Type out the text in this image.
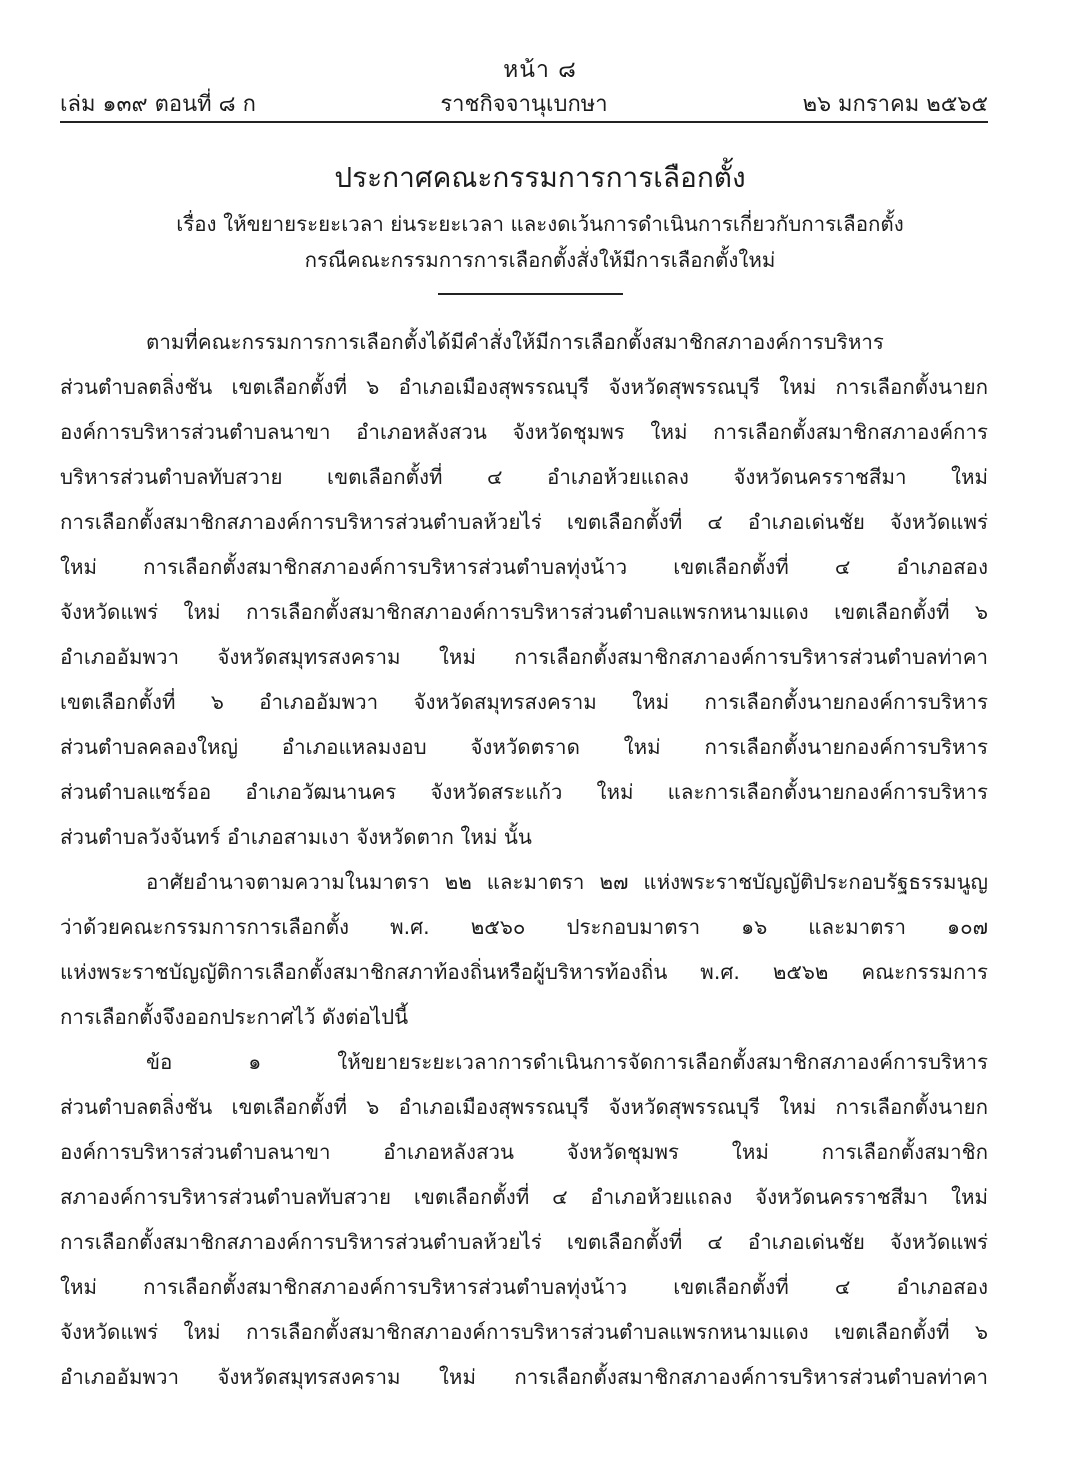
หน้า ๘
เล่ม ๑๓๙ ตอนที่ ๘ ก	ราชกิจจานุเบกษา	๒๖ มกราคม ๒๕๖๕
ประกาศคณะกรรมการการเลือกตั้ง
เรื่อง ให้ขยายระยะเวลา ย่นระยะเวลา และงดเว้นการดำเนินการเกี่ยวกับการเลือกตั้ง
กรณีคณะกรรมการการเลือกตั้งสั่งให้มีการเลือกตั้งใหม่
ตามที่คณะกรรมการการเลือกตั้งได้มีคำสั่งให้มีการเลือกตั้งสมาชิกสภาองค์การบริหาร
ส่วนตำบลตลิ่งชัน เขตเลือกตั้งที่ ๖ อำเภอเมืองสุพรรณบุรี จังหวัดสุพรรณบุรี ใหม่ การเลือกตั้งนายก
องค์การบริหารส่วนตำบลนาขา อำเภอหลังสวน จังหวัดชุมพร ใหม่ การเลือกตั้งสมาชิกสภาองค์การ
บริหารส่วนตำบลทับสวาย เขตเลือกตั้งที่ ๔ อำเภอห้วยแถลง จังหวัดนครราชสีมา ใหม่
การเลือกตั้งสมาชิกสภาองค์การบริหารส่วนตำบลห้วยไร่ เขตเลือกตั้งที่ ๔ อำเภอเด่นชัย จังหวัดแพร่
ใหม่ การเลือกตั้งสมาชิกสภาองค์การบริหารส่วนตำบลทุ่งน้าว เขตเลือกตั้งที่ ๔ อำเภอสอง
จังหวัดแพร่ ใหม่ การเลือกตั้งสมาชิกสภาองค์การบริหารส่วนตำบลแพรกหนามแดง เขตเลือกตั้งที่ ๖
อำเภออัมพวา จังหวัดสมุทรสงคราม ใหม่ การเลือกตั้งสมาชิกสภาองค์การบริหารส่วนตำบลท่าคา
เขตเลือกตั้งที่ ๖ อำเภออัมพวา จังหวัดสมุทรสงคราม ใหม่ การเลือกตั้งนายกองค์การบริหาร
ส่วนตำบลคลองใหญ่ อำเภอแหลมงอบ จังหวัดตราด ใหม่ การเลือกตั้งนายกองค์การบริหาร
ส่วนตำบลแซร์ออ อำเภอวัฒนานคร จังหวัดสระแก้ว ใหม่ และการเลือกตั้งนายกองค์การบริหาร
ส่วนตำบลวังจันทร์ อำเภอสามเงา จังหวัดตาก ใหม่ นั้น
อาศัยอำนาจตามความในมาตรา ๒๒ และมาตรา ๒๗ แห่งพระราชบัญญัติประกอบรัฐธรรมนูญ
ว่าด้วยคณะกรรมการการเลือกตั้ง พ.ศ. ๒๕๖๐ ประกอบมาตรา ๑๖ และมาตรา ๑๐๗
แห่งพระราชบัญญัติการเลือกตั้งสมาชิกสภาท้องถิ่นหรือผู้บริหารท้องถิ่น พ.ศ. ๒๕๖๒ คณะกรรมการ
การเลือกตั้งจึงออกประกาศไว้ ดังต่อไปนี้
ข้อ ๑ ให้ขยายระยะเวลาการดำเนินการจัดการเลือกตั้งสมาชิกสภาองค์การบริหาร
ส่วนตำบลตลิ่งชัน เขตเลือกตั้งที่ ๖ อำเภอเมืองสุพรรณบุรี จังหวัดสุพรรณบุรี ใหม่ การเลือกตั้งนายก
องค์การบริหารส่วนตำบลนาขา อำเภอหลังสวน จังหวัดชุมพร ใหม่ การเลือกตั้งสมาชิก
สภาองค์การบริหารส่วนตำบลทับสวาย เขตเลือกตั้งที่ ๔ อำเภอห้วยแถลง จังหวัดนครราชสีมา ใหม่
การเลือกตั้งสมาชิกสภาองค์การบริหารส่วนตำบลห้วยไร่ เขตเลือกตั้งที่ ๔ อำเภอเด่นชัย จังหวัดแพร่
ใหม่ การเลือกตั้งสมาชิกสภาองค์การบริหารส่วนตำบลทุ่งน้าว เขตเลือกตั้งที่ ๔ อำเภอสอง
จังหวัดแพร่ ใหม่ การเลือกตั้งสมาชิกสภาองค์การบริหารส่วนตำบลแพรกหนามแดง เขตเลือกตั้งที่ ๖
อำเภออัมพวา จังหวัดสมุทรสงคราม ใหม่ การเลือกตั้งสมาชิกสภาองค์การบริหารส่วนตำบลท่าคา
